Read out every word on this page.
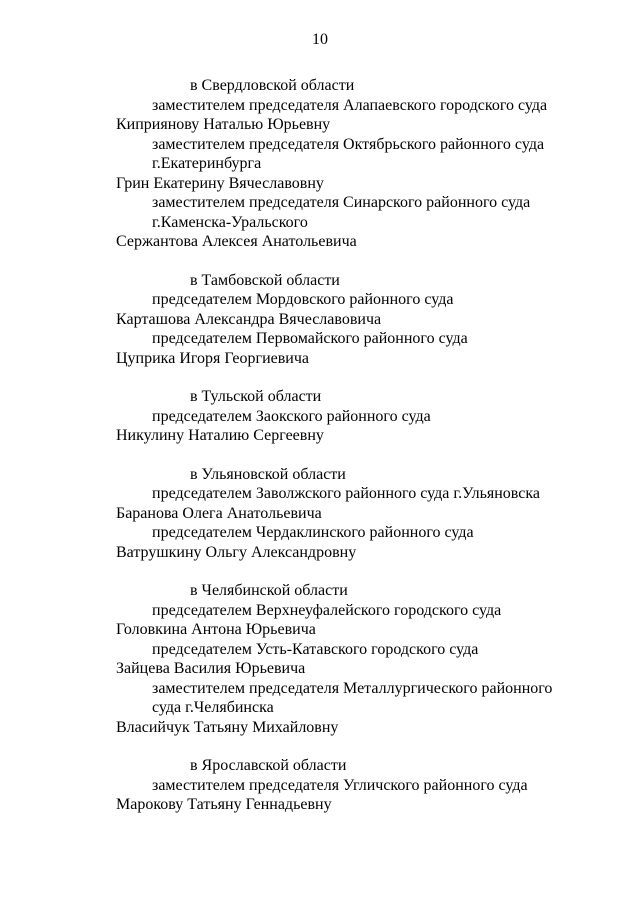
10
в Свердловской области
заместителем председателя Алапаевского городского суда
Киприянову Наталью Юрьевну
заместителем председателя Октябрьского районного суда
г.Екатеринбурга
Грин Екатерину Вячеславовну
заместителем председателя Синарского районного суда
г.Каменска-Уральского
Сержантова Алексея Анатольевича
в Тамбовской области
председателем Мордовского районного суда
Карташова Александра Вячеславовича
председателем Первомайского районного суда
Цуприка Игоря Георгиевича
в Тульской области
председателем Заокского районного суда
Никулину Наталию Сергеевну
в Ульяновской области
председателем Заволжского районного суда г.Ульяновска
Баранова Олега Анатольевича
председателем Чердаклинского районного суда
Ватрушкину Ольгу Александровну
в Челябинской области
председателем Верхнеуфалейского городского суда
Головкина Антона Юрьевича
председателем Усть-Катавского городского суда
Зайцева Василия Юрьевича
заместителем председателя Металлургического районного
суда г.Челябинска
Власийчук Татьяну Михайловну
в Ярославской области
заместителем председателя Угличского районного суда
Марокову Татьяну Геннадьевну
